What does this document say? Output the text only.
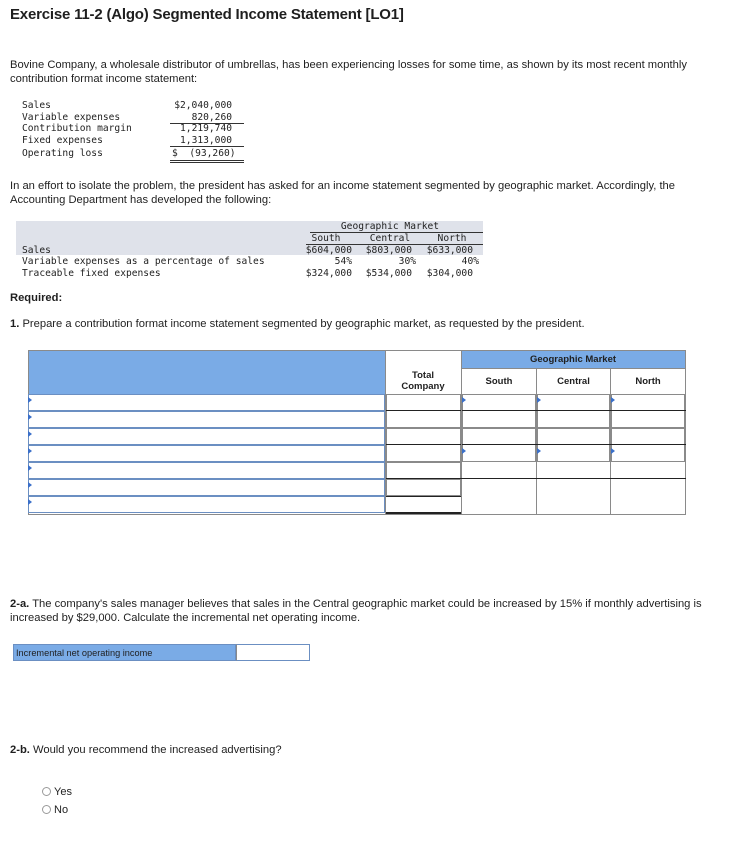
Exercise 11-2 (Algo) Segmented Income Statement [LO1]
Bovine Company, a wholesale distributor of umbrellas, has been experiencing losses for some time, as shown by its most recent monthly contribution format income statement:
Sales	$2,040,000
Variable expenses	820,260
Contribution margin	1,219,740
Fixed expenses	1,313,000
Operating loss	$  (93,260)
In an effort to isolate the problem, the president has asked for an income statement segmented by geographic market. Accordingly, the Accounting Department has developed the following:
Geographic Market
South	Central	North
Sales	$604,000	$803,000	$633,000
Variable expenses as a percentage of sales	54%	30%	40%
Traceable fixed expenses	$324,000	$534,000	$304,000
Required:
1. Prepare a contribution format income statement segmented by geographic market, as requested by the president.
Geographic Market
Total Company	South	Central	North
2-a. The company's sales manager believes that sales in the Central geographic market could be increased by 15% if monthly advertising is increased by $29,000. Calculate the incremental net operating income.
Incremental net operating income
2-b. Would you recommend the increased advertising?
Yes
No
